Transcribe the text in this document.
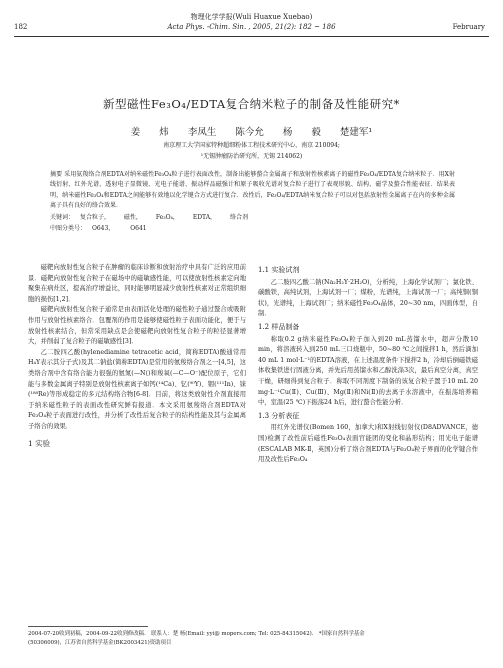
物理化学学报(Wuli Huaxue Xuebao)
182	Acta Phys. -Chim. Sin. , 2005, 21(2): 182 ~ 186	February
新型磁性Fe₃O₄/EDTA复合纳米粒子的制备及性能研究*
姜 炜 李凤生 陈今允 杨 毅 楚建军¹
南京理工大学国家特种超细粉体工程技术研究中心，南京 210094;
¹无锡肿瘤防治研究所，无锡 214062)
摘要 采用氨羧络合剂EDTA对纳米磁性Fe₃O₄粒子进行表面改性，制备出能够螯合金属离子和放射性核素离子的磁性Fe₃O₄/EDTA复合纳米粒子．用X射线衍射、红外光谱、透射电子显微镜、光电子能谱、振动样品磁强计和原子吸收光谱对复合粒子进行了表观形貌、结构、磁学及螯合性能表征．结果表明，纳米磁性Fe₃O₄和EDTA之间能够有效地以化学键合方式进行复合．改性后，Fe₃O₄/EDTA纳米复合粒子可以对包括放射性金属离子在内的多种金属离子具有良好的络合效果．
关键词： 复合粒子， 磁性， Fe₃O₄， EDTA， 络合剂
中图分类号： O643，	O641

磁靶向放射性复合粒子在肿瘤的临床诊断和放射治疗中具有广泛的应用前景．磁靶向放射性复合粒子在磁场中的磁敏感性能，可以使放射性核素定向地聚集在病灶区，提高治疗增益比，同时能够明显减少放射性核素对正常组织细胞的损伤[1,2]．

磁靶向放射性复合粒子通常是由表面活化处理的磁性粒子通过螯合或吸附作用与放射性核素络合．包覆剂的作用是能够使磁性粒子表面功能化，便于与放射性核素结合，但常采用缺点是会使磁靶向放射性复合粒子的粒径显著增大，并削弱了复合粒子的磁敏感性[3]．

乙二胺四乙酸(hylenediamine tetracetic acid，简称EDTA)酸通常用H₄Y表示其分子式)及其二钠盐(简称EDTA)是常用的氨羧络合剂之一[4,5]，这类络合剂中含有络合能力很强的氨氮(—N⟨)和羧氧(—C—O⁻)配位原子，它们能与多数金属离子特别是放射性核素离子如钙(¹⁴Ca)、钇(⁹⁰Y)、铟(¹¹¹In)、铼(¹⁸⁸Re)等形成稳定的多元结构络合物[6-8]．目前，将这类放射性介剂直接用于纳米磁性粒子的表面改性研究鲜有报道．本文采用氨羧络合剂EDTA对Fe₃O₄粒子表面进行改性，并分析了改性后复合粒子的结构性能及其与金属离子络合的效果．

1 实验
1.1 实验试剂

乙二胺四乙酸二钠(Na₂H₂Y·2H₂O)，分析纯，上海化学试剂厂；氯化铁、碳酸铁，高纯试剂，上海试剂一厂；煤粉，光谱纯，上海试剂一厂；高纯铜(铜状)，光谱纯，上海试剂厂；纳米磁性Fe₃O₄晶体，20~30 nm，四面体型，自制．

1.2 样品制备

称取0.2 g纳米磁性Fe₃O₄粒子加入到20 mL蒸馏水中，超声分散10 min，将溶液转入到250 mL三口烧瓶中，50~80 ℃之间搅拌1 h，然后滴加40 mL 1 mol·L⁻¹的EDTA溶液，在上述温度条件下搅拌2 h，冷却后倒磁铁磁体收集铁进行固液分离，并先后用蒸馏水和乙醇洗涤3次，最后真空分离，真空干燥，研细得到复合粒子．称取不同剂度下制备的该复合粒子置于10 mL 20 mg·L⁻¹Cu(Ⅱ)、Cu(Ⅲ)、Mg(Ⅱ)和Ni(Ⅱ)的去离子水溶液中，在振荡培养箱中，室温(25 ℃)下振荡24 h后，进行螯合性能分析．

1.3 分析表征

用红外光谱仪(Bomen 160，加拿大)和X射线衍射仪(D8ADVANCE，德国)检测了改性前后磁性Fe₃O₄表面官能团的变化和晶形结构；用光电子能谱(ESCALAB MK-Ⅱ，英国)分析了络合剂EDTA与Fe₃O₄粒子界面的化学键合作用及改性后Fe₃O₄

2004-07-20收到初稿，2004-09-22收到修改稿． 联系人：楚 杨(Email: yyi@ mopers.com; Tel: 025-84315042)． *国家自然科学基金
(50306009)，江苏省自然科学基金(BK2003421)资助项目
